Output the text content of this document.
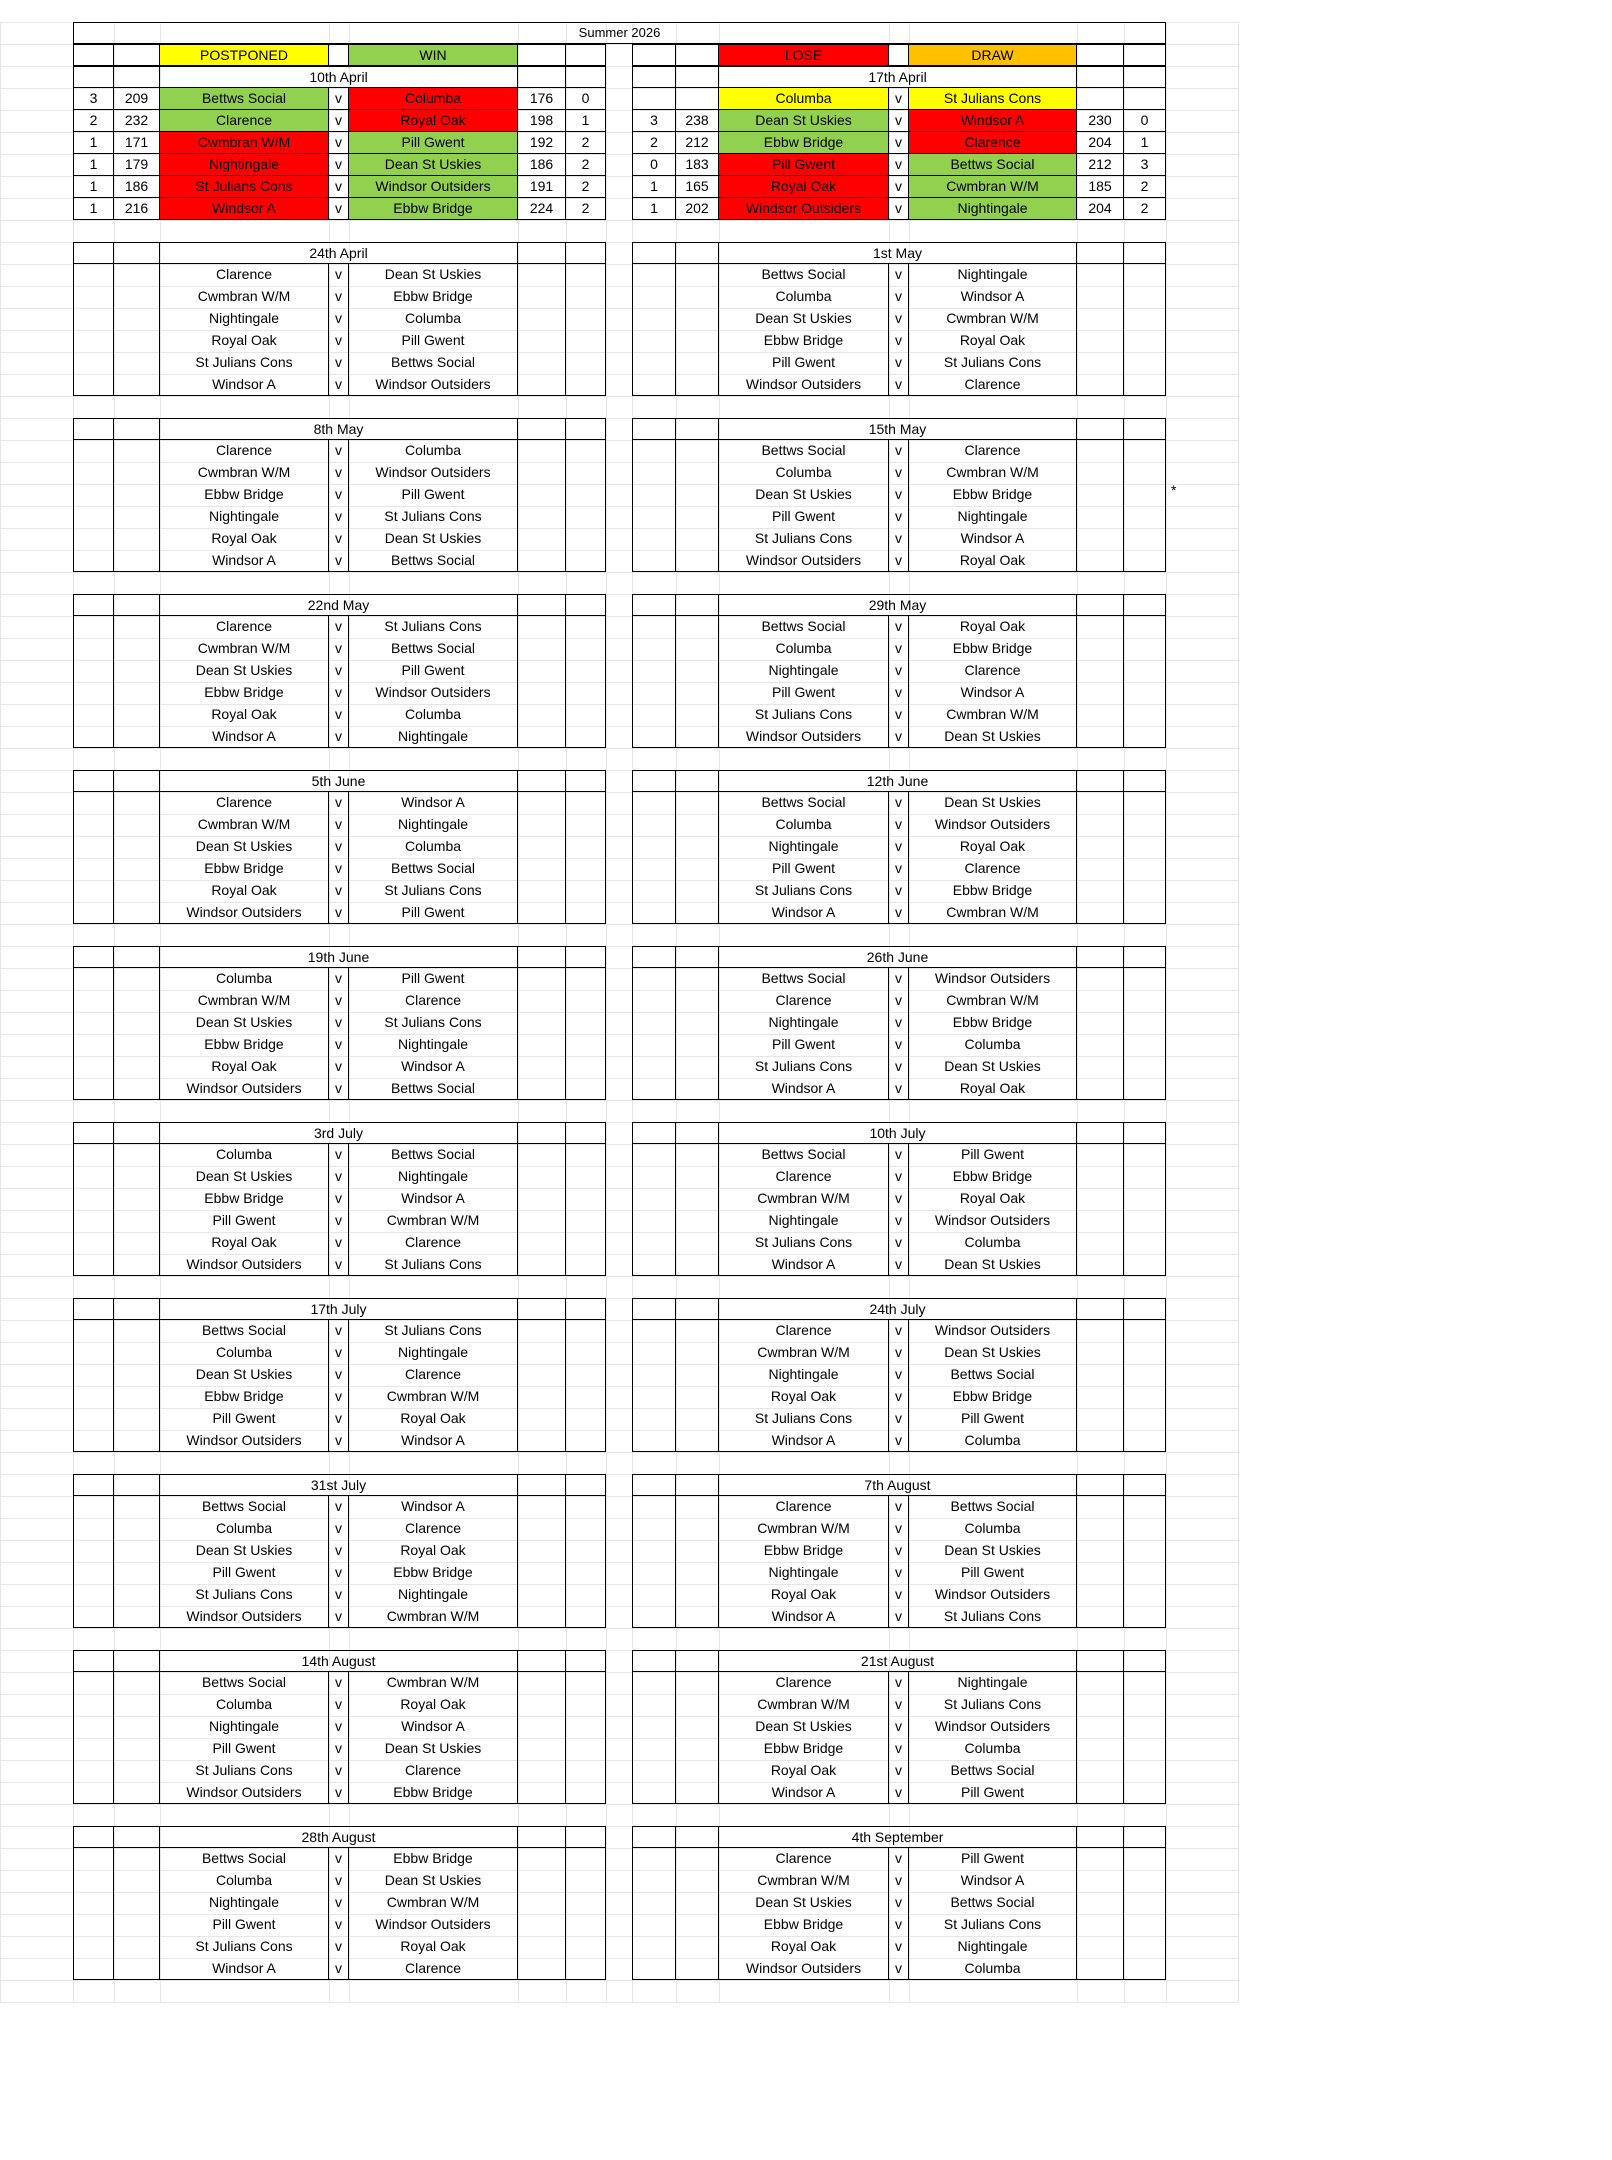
Summer 2026
POSTPONED	WIN	LOSE	DRAW
10th April
3	209	Bettws Social	v	Columba	176	0
2	232	Clarence	v	Royal Oak	198	1
1	171	Cwmbran W/M	v	Pill Gwent	192	2
1	179	Nightingale	v	Dean St Uskies	186	2
1	186	St Julians Cons	v	Windsor Outsiders	191	2
1	216	Windsor A	v	Ebbw Bridge	224	2
17th April
Columba	v	St Julians Cons
3	238	Dean St Uskies	v	Windsor A	230	0
2	212	Ebbw Bridge	v	Clarence	204	1
0	183	Pill Gwent	v	Bettws Social	212	3
1	165	Royal Oak	v	Cwmbran W/M	185	2
1	202	Windsor Outsiders	v	Nightingale	204	2
24th April
Clarence	v	Dean St Uskies
Cwmbran W/M	v	Ebbw Bridge
Nightingale	v	Columba
Royal Oak	v	Pill Gwent
St Julians Cons	v	Bettws Social
Windsor A	v	Windsor Outsiders
1st May
Bettws Social	v	Nightingale
Columba	v	Windsor A
Dean St Uskies	v	Cwmbran W/M
Ebbw Bridge	v	Royal Oak
Pill Gwent	v	St Julians Cons
Windsor Outsiders	v	Clarence
8th May
Clarence	v	Columba
Cwmbran W/M	v	Windsor Outsiders
Ebbw Bridge	v	Pill Gwent
Nightingale	v	St Julians Cons
Royal Oak	v	Dean St Uskies
Windsor A	v	Bettws Social
15th May
Bettws Social	v	Clarence
Columba	v	Cwmbran W/M
Dean St Uskies	v	Ebbw Bridge
Pill Gwent	v	Nightingale
St Julians Cons	v	Windsor A
Windsor Outsiders	v	Royal Oak
22nd May
Clarence	v	St Julians Cons
Cwmbran W/M	v	Bettws Social
Dean St Uskies	v	Pill Gwent
Ebbw Bridge	v	Windsor Outsiders
Royal Oak	v	Columba
Windsor A	v	Nightingale
29th May
Bettws Social	v	Royal Oak
Columba	v	Ebbw Bridge
Nightingale	v	Clarence
Pill Gwent	v	Windsor A
St Julians Cons	v	Cwmbran W/M
Windsor Outsiders	v	Dean St Uskies
5th June
Clarence	v	Windsor A
Cwmbran W/M	v	Nightingale
Dean St Uskies	v	Columba
Ebbw Bridge	v	Bettws Social
Royal Oak	v	St Julians Cons
Windsor Outsiders	v	Pill Gwent
12th June
Bettws Social	v	Dean St Uskies
Columba	v	Windsor Outsiders
Nightingale	v	Royal Oak
Pill Gwent	v	Clarence
St Julians Cons	v	Ebbw Bridge
Windsor A	v	Cwmbran W/M
19th June
Columba	v	Pill Gwent
Cwmbran W/M	v	Clarence
Dean St Uskies	v	St Julians Cons
Ebbw Bridge	v	Nightingale
Royal Oak	v	Windsor A
Windsor Outsiders	v	Bettws Social
26th June
Bettws Social	v	Windsor Outsiders
Clarence	v	Cwmbran W/M
Nightingale	v	Ebbw Bridge
Pill Gwent	v	Columba
St Julians Cons	v	Dean St Uskies
Windsor A	v	Royal Oak
3rd July
Columba	v	Bettws Social
Dean St Uskies	v	Nightingale
Ebbw Bridge	v	Windsor A
Pill Gwent	v	Cwmbran W/M
Royal Oak	v	Clarence
Windsor Outsiders	v	St Julians Cons
10th July
Bettws Social	v	Pill Gwent
Clarence	v	Ebbw Bridge
Cwmbran W/M	v	Royal Oak
Nightingale	v	Windsor Outsiders
St Julians Cons	v	Columba
Windsor A	v	Dean St Uskies
17th July
Bettws Social	v	St Julians Cons
Columba	v	Nightingale
Dean St Uskies	v	Clarence
Ebbw Bridge	v	Cwmbran W/M
Pill Gwent	v	Royal Oak
Windsor Outsiders	v	Windsor A
24th July
Clarence	v	Windsor Outsiders
Cwmbran W/M	v	Dean St Uskies
Nightingale	v	Bettws Social
Royal Oak	v	Ebbw Bridge
St Julians Cons	v	Pill Gwent
Windsor A	v	Columba
31st July
Bettws Social	v	Windsor A
Columba	v	Clarence
Dean St Uskies	v	Royal Oak
Pill Gwent	v	Ebbw Bridge
St Julians Cons	v	Nightingale
Windsor Outsiders	v	Cwmbran W/M
7th August
Clarence	v	Bettws Social
Cwmbran W/M	v	Columba
Ebbw Bridge	v	Dean St Uskies
Nightingale	v	Pill Gwent
Royal Oak	v	Windsor Outsiders
Windsor A	v	St Julians Cons
14th August
Bettws Social	v	Cwmbran W/M
Columba	v	Royal Oak
Nightingale	v	Windsor A
Pill Gwent	v	Dean St Uskies
St Julians Cons	v	Clarence
Windsor Outsiders	v	Ebbw Bridge
21st August
Clarence	v	Nightingale
Cwmbran W/M	v	St Julians Cons
Dean St Uskies	v	Windsor Outsiders
Ebbw Bridge	v	Columba
Royal Oak	v	Bettws Social
Windsor A	v	Pill Gwent
28th August
Bettws Social	v	Ebbw Bridge
Columba	v	Dean St Uskies
Nightingale	v	Cwmbran W/M
Pill Gwent	v	Windsor Outsiders
St Julians Cons	v	Royal Oak
Windsor A	v	Clarence
4th September
Clarence	v	Pill Gwent
Cwmbran W/M	v	Windsor A
Dean St Uskies	v	Bettws Social
Ebbw Bridge	v	St Julians Cons
Royal Oak	v	Nightingale
Windsor Outsiders	v	Columba
*
